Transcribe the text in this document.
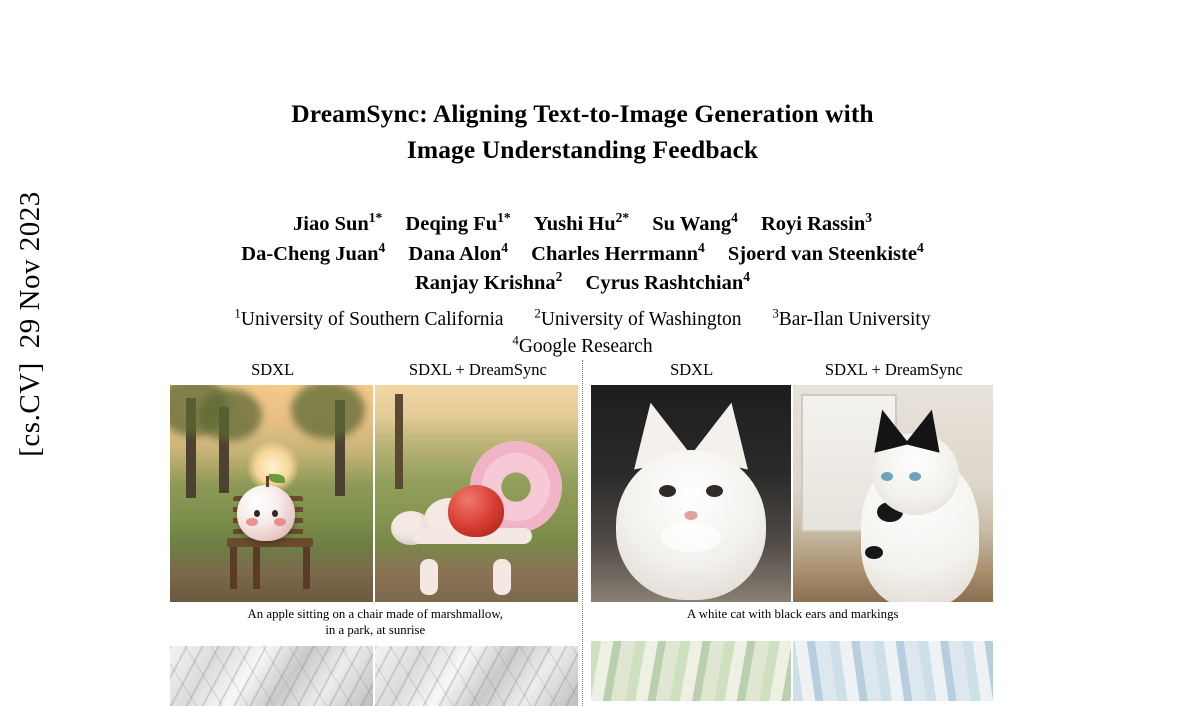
[cs.CV]
29 Nov 2023
DreamSync: Aligning Text-to-Image Generation with
Image Understanding Feedback
Jiao Sun$^{1*}$ Deqing $Fu^{1*}$ Yushi $Hu^{2*}$ Su Wang$^4$ Royi Rassin$^3$
Da-Cheng Juan$^4$ Dana Alon$^4$ Charles Herrmann$^4$ Sjoerd van Steenkiste$^4$
Ranjay Krishna$^2$ Cyrus Rashtchian$^4$
$^1$University of Southern California $^2$University of Washington $^3$Bar-Ilan University
$^4$Google Research
SDXL	SDXL + DreamSync
An apple sitting on a chair made of marshmallow,
in a park, at sunrise
SDXL	SDXL + DreamSync
A white cat with black ears and markings
